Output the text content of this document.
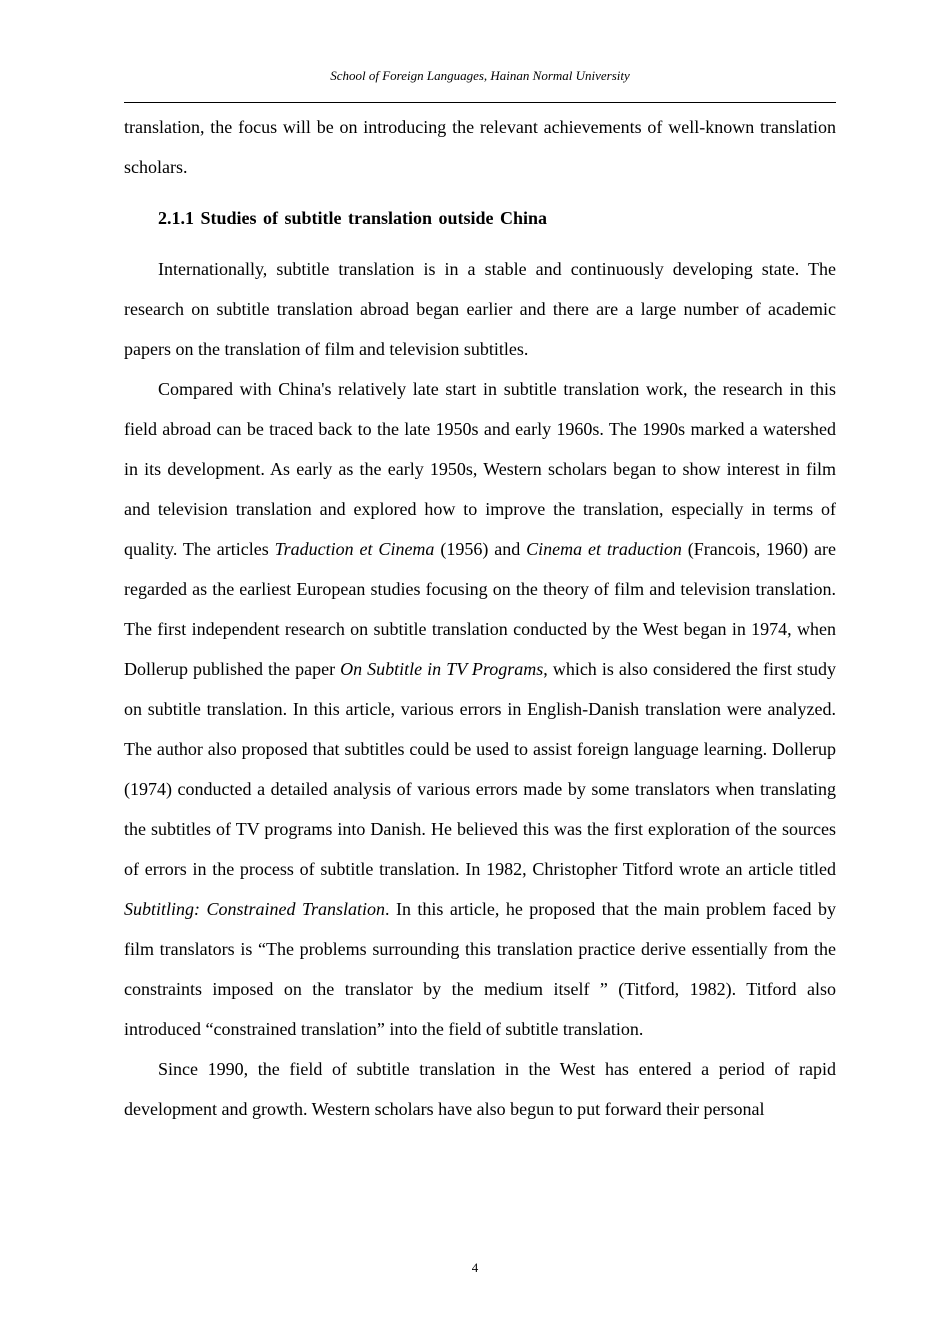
School of Foreign Languages, Hainan Normal University

translation, the focus will be on introducing the relevant achievements of well-known translation scholars.

2.1.1 Studies of subtitle translation outside China

Internationally, subtitle translation is in a stable and continuously developing state. The research on subtitle translation abroad began earlier and there are a large number of academic papers on the translation of film and television subtitles.

Compared with China's relatively late start in subtitle translation work, the research in this field abroad can be traced back to the late 1950s and early 1960s. The 1990s marked a watershed in its development. As early as the early 1950s, Western scholars began to show interest in film and television translation and explored how to improve the translation, especially in terms of quality. The articles Traduction et Cinema (1956) and Cinema et traduction (Francois, 1960) are regarded as the earliest European studies focusing on the theory of film and television translation. The first independent research on subtitle translation conducted by the West began in 1974, when Dollerup published the paper On Subtitle in TV Programs, which is also considered the first study on subtitle translation. In this article, various errors in English-Danish translation were analyzed. The author also proposed that subtitles could be used to assist foreign language learning. Dollerup (1974) conducted a detailed analysis of various errors made by some translators when translating the subtitles of TV programs into Danish. He believed this was the first exploration of the sources of errors in the process of subtitle translation. In 1982, Christopher Titford wrote an article titled Subtitling: Constrained Translation. In this article, he proposed that the main problem faced by film translators is “The problems surrounding this translation practice derive essentially from the constraints imposed on the translator by the medium itself ” (Titford, 1982). Titford also introduced “constrained translation” into the field of subtitle translation.

Since 1990, the field of subtitle translation in the West has entered a period of rapid development and growth. Western scholars have also begun to put forward their personal

4
